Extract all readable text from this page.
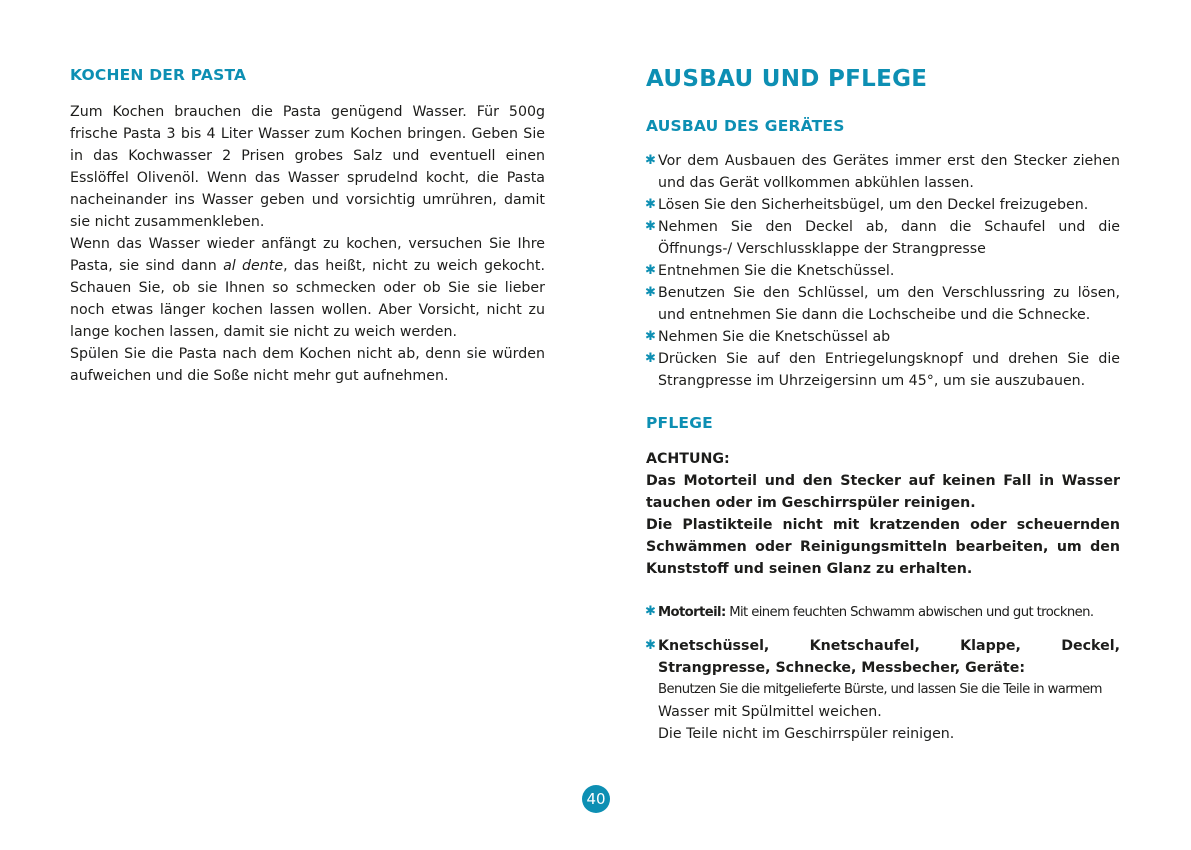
KOCHEN DER PASTA

Zum Kochen brauchen die Pasta genügend Wasser. Für 500g frische Pasta 3 bis 4 Liter Wasser zum Kochen bringen. Geben Sie in das Kochwasser 2 Prisen grobes Salz und eventuell einen Esslöffel Olivenöl. Wenn das Wasser sprudelnd kocht, die Pasta nacheinander ins Wasser geben und vorsichtig umrühren, damit sie nicht zusammenkleben.

Wenn das Wasser wieder anfängt zu kochen, versuchen Sie Ihre Pasta, sie sind dann al dente, das heißt, nicht zu weich gekocht. Schauen Sie, ob sie Ihnen so schmecken oder ob Sie sie lieber noch etwas länger kochen lassen wollen. Aber Vorsicht, nicht zu lange kochen lassen, damit sie nicht zu weich werden.

Spülen Sie die Pasta nach dem Kochen nicht ab, denn sie würden aufweichen und die Soße nicht mehr gut aufnehmen.

AUSBAU UND PFLEGE
AUSBAU DES GERÄTES
✱ Vor dem Ausbauen des Gerätes immer erst den Stecker ziehen und das Gerät vollkommen abkühlen lassen.
✱ Lösen Sie den Sicherheitsbügel, um den Deckel freizugeben.
✱ Nehmen Sie den Deckel ab, dann die Schaufel und die Öffnungs-/ Verschlussklappe der Strangpresse
✱ Entnehmen Sie die Knetschüssel.
✱ Benutzen Sie den Schlüssel, um den Verschlussring zu lösen, und entnehmen Sie dann die Lochscheibe und die Schnecke.
✱ Nehmen Sie die Knetschüssel ab
✱ Drücken Sie auf den Entriegelungsknopf und drehen Sie die Strangpresse im Uhrzeigersinn um 45°, um sie auszubauen.
PFLEGE

ACHTUNG:

Das Motorteil und den Stecker auf keinen Fall in Wasser tauchen oder im Geschirrspüler reinigen.

Die Plastikteile nicht mit kratzenden oder scheuernden Schwämmen oder Reinigungsmitteln bearbeiten, um den Kunststoff und seinen Glanz zu erhalten.

✱ Motorteil: Mit einem feuchten Schwamm abwischen und gut trocknen.
✱ Knetschüssel, Knetschaufel, Klappe, Deckel, Strangpresse, Schnecke, Messbecher, Geräte:
Benutzen Sie die mitgelieferte Bürste, und lassen Sie die Teile in warmem
Wasser mit Spülmittel weichen.
Die Teile nicht im Geschirrspüler reinigen.
40
